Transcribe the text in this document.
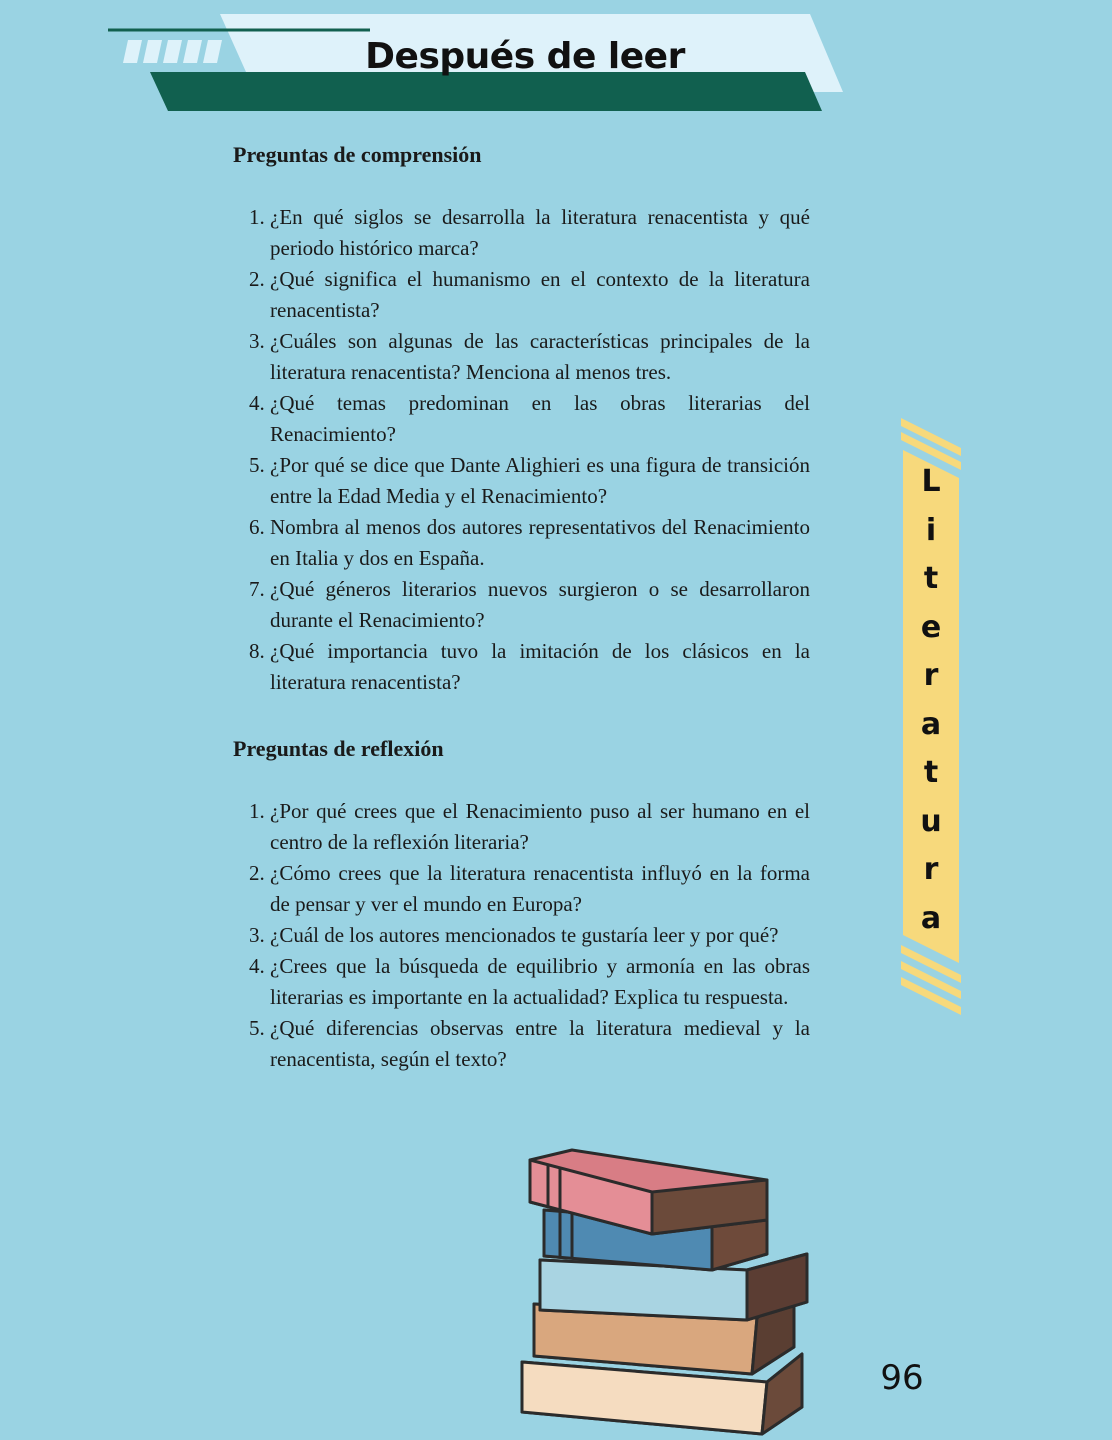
Después de leer
Preguntas de comprensión
1. ¿En qué siglos se desarrolla la literatura renacentista y qué periodo histórico marca?
2. ¿Qué significa el humanismo en el contexto de la literatura renacentista?
3. ¿Cuáles son algunas de las características principales de la literatura renacentista? Menciona al menos tres.
4. ¿Qué temas predominan en las obras literarias del Renacimiento?
5. ¿Por qué se dice que Dante Alighieri es una figura de transición entre la Edad Media y el Renacimiento?
6. Nombra al menos dos autores representativos del Renacimiento en Italia y dos en España.
7. ¿Qué géneros literarios nuevos surgieron o se desarrollaron durante el Renacimiento?
8. ¿Qué importancia tuvo la imitación de los clásicos en la literatura renacentista?
Preguntas de reflexión
1. ¿Por qué crees que el Renacimiento puso al ser humano en el centro de la reflexión literaria?
2. ¿Cómo crees que la literatura renacentista influyó en la forma de pensar y ver el mundo en Europa?
3. ¿Cuál de los autores mencionados te gustaría leer y por qué?
4. ¿Crees que la búsqueda de equilibrio y armonía en las obras literarias es importante en la actualidad? Explica tu respuesta.
5. ¿Qué diferencias observas entre la literatura medieval y la renacentista, según el texto?
L
i
t
e
r
a
t
u
r
a
96
